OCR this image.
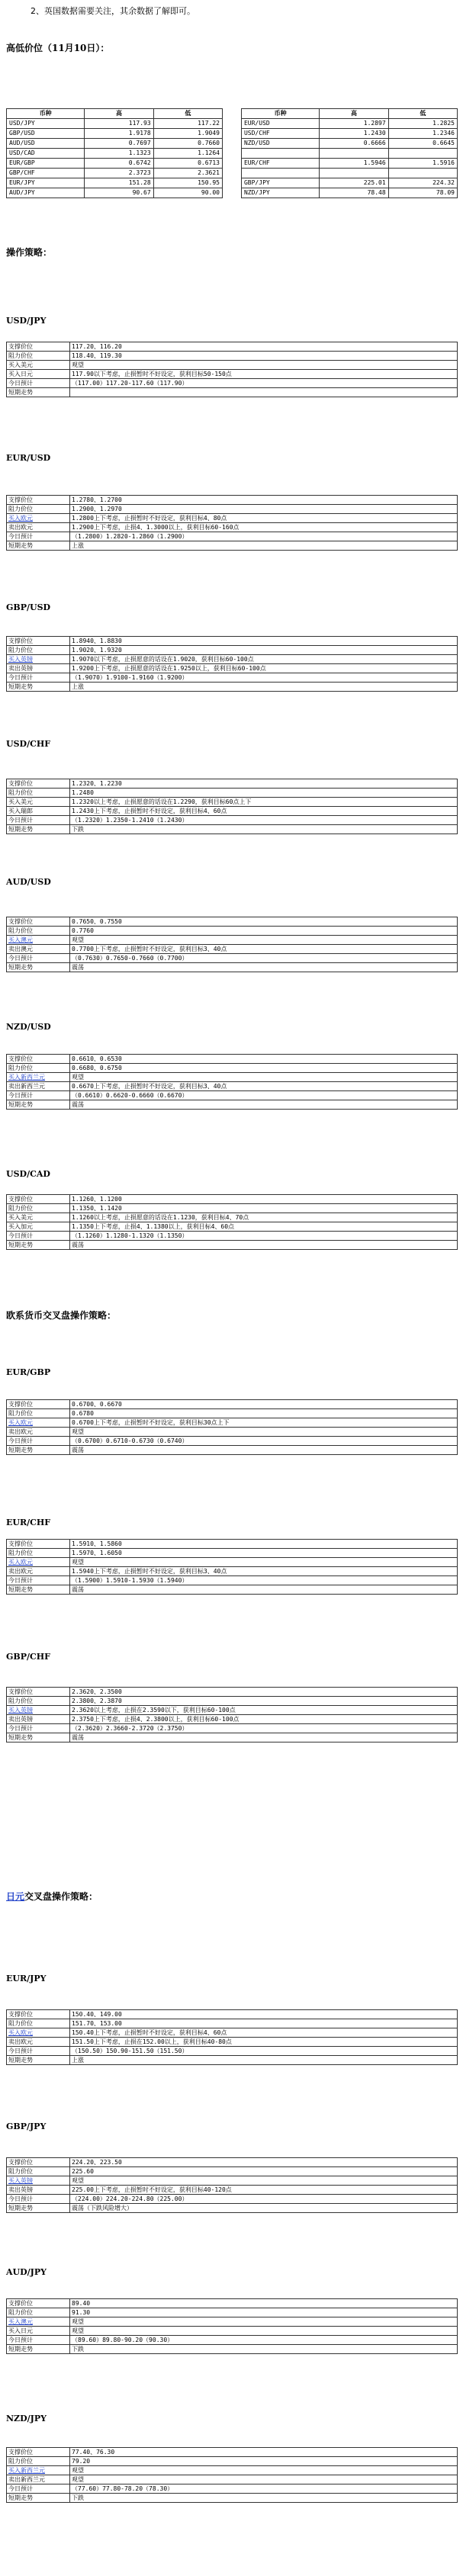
2、英国数据需要关注，其余数据了解即可。
高低价位（11月10日）：
币种	高	低		币种	高	低
USD/JPY	117.93	117.22		EUR/USD	1.2897	1.2825
GBP/USD	1.9178	1.9049		USD/CHF	1.2430	1.2346
AUD/USD	0.7697	0.7660		NZD/USD	0.6666	0.6645
USD/CAD	1.1323	1.1264				
EUR/GBP	0.6742	0.6713		EUR/CHF	1.5946	1.5916
GBP/CHF	2.3723	2.3621				
EUR/JPY	151.28	150.95		GBP/JPY	225.01	224.32
AUD/JPY	90.67	90.00		NZD/JPY	78.48	78.09
操作策略：
欧系货币交叉盘操作策略：
日元交叉盘操作策略：
USD/JPY
支撑价位	117.20、116.20
阻力价位	118.40、119.30
买入美元	观望
买入日元	117.90以下考虑，止损暂时不好设定，获利目标50-150点
今日预计	（117.00）117.20-117.60（117.90）
短期走势	
EUR/USD
支撑价位	1.2780、1.2700
阻力价位	1.2900、1.2970
买入欧元	1.2800上下考虑，止损暂时不好设定，获利目标4、80点
卖出欧元	1.2900上下考虑，止损4、1.3000以上，获利目标60-160点
今日预计	（1.2800）1.2820-1.2860（1.2900）
短期走势	上涨
GBP/USD
支撑价位	1.8940、1.8830
阻力价位	1.9020、1.9320
买入英镑	1.9070以下考虑，止损愿意的话设在1.9020，获利目标60-100点
卖出英镑	1.9200上下考虑，止损愿意的话设在1.9250以上，获利目标60-100点
今日预计	（1.9070）1.9100-1.9160（1.9200）
短期走势	上涨
USD/CHF
支撑价位	1.2320、1.2230
阻力价位	1.2480
买入美元	1.2320以上考虑，止损愿意的话设在1.2290，获利目标60点上下
买入瑞郎	1.2430上下考虑，止损暂时不好设定，获利目标4、60点
今日预计	（1.2320）1.2350-1.2410（1.2430）
短期走势	下跌
AUD/USD
支撑价位	0.7650、0.7550
阻力价位	0.7760
买入澳元	观望
卖出澳元	0.7700上下考虑，止损暂时不好设定，获利目标3、40点
今日预计	（0.7630）0.7650-0.7660（0.7700）
短期走势	震荡
NZD/USD
支撑价位	0.6610、0.6530
阻力价位	0.6680、0.6750
买入新西兰元	观望
卖出新西兰元	0.6670上下考虑，止损暂时不好设定，获利目标3、40点
今日预计	（0.6610）0.6620-0.6660（0.6670）
短期走势	震荡
USD/CAD
支撑价位	1.1260、1.1200
阻力价位	1.1350、1.1420
买入美元	1.1260以上考虑，止损愿意的话设在1.1230，获利目标4、70点
买入加元	1.1350上下考虑，止损4、1.1380以上，获利目标4、60点
今日预计	（1.1260）1.1280-1.1320（1.1350）
短期走势	震荡
EUR/GBP
支撑价位	0.6700、0.6670
阻力价位	0.6780
买入欧元	0.6700上下考虑，止损暂时不好设定，获利目标30点上下
卖出欧元	观望
今日预计	（0.6700）0.6710-0.6730（0.6740）
短期走势	震荡
EUR/CHF
支撑价位	1.5910、1.5860
阻力价位	1.5970、1.6050
买入欧元	观望
卖出欧元	1.5940上下考虑，止损暂时不好设定，获利目标3、40点
今日预计	（1.5900）1.5910-1.5930（1.5940）
短期走势	震荡
GBP/CHF
支撑价位	2.3620、2.3500
阻力价位	2.3800、2.3870
买入英镑	2.3620以上考虑，止损在2.3590以下，获利目标60-100点
卖出英镑	2.3750上下考虑，止损4、2.3800以上，获利目标60-100点
今日预计	（2.3620）2.3660-2.3720（2.3750）
短期走势	震荡
EUR/JPY
支撑价位	150.40、149.00
阻力价位	151.70、153.00
买入欧元	150.40上下考虑，止损暂时不好设定，获利目标4、60点
卖出欧元	151.50上下考虑，止损在152.00以上，获利目标40-80点
今日预计	（150.50）150.90-151.50（151.50）
短期走势	上涨
GBP/JPY
支撑价位	224.20、223.50
阻力价位	225.60
买入英镑	观望
卖出英镑	225.00上下考虑，止损暂时不好设定，获利目标40-120点
今日预计	（224.00）224.20-224.80（225.00）
短期走势	震荡（下跌风险增大）
AUD/JPY
支撑价位	89.40
阻力价位	91.30
买入澳元	观望
买入日元	观望
今日预计	（89.60）89.80-90.20（90.30）
短期走势	下跌
NZD/JPY
支撑价位	77.40、76.30
阻力价位	79.20
买入新西兰元	观望
卖出新西兰元	观望
今日预计	（77.60）77.80-78.20（78.30）
短期走势	下跌
